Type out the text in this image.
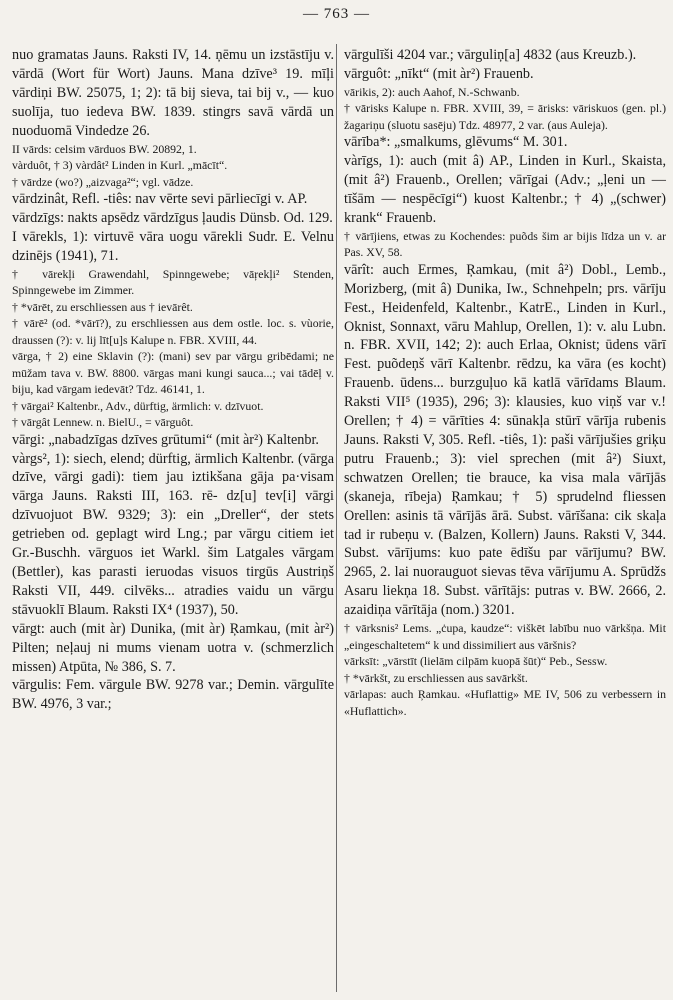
— 763 —

nuo gramatas Jauns. Raksti IV, 14. ņēmu un izstāstīju v. vārdā (Wort für Wort) Jauns. Mana dzīve³ 19. mīļi vārdiņi BW. 25075, 1; 2): tā bij sieva, tai bij v., — kuo suolīja, tuo iedeva BW. 1839. stingrs savā vārdā un nuoduomā Vindedze 26.

II vārds: celsim vārduos BW. 20892, 1.

vàrduôt, † 3) vàrdât² Linden in Kurl. „mācīt“.

† vārdze (wo?) „aizvaga²“; vgl. vādze.

vārdzinât, Refl. -tiês: nav vērte sevi pārliecīgi v. AP.

vārdzīgs: nakts apsēdz vārdzīgus ļaudis Dünsb. Od. 129.

I vārekls, 1): virtuvē vāra uogu vārekli Sudr. E. Velnu dzinējs (1941), 71.

† vārekļi Grawendahl, Spinngewebe; vāŗekļi² Stenden, Spinngewebe im Zimmer.

† *vārēt, zu erschliessen aus † ievārêt.

† vārē² (od. *vārī?), zu erschliessen aus dem ostle. loc. s. vùorie, draussen (?): v. lij līt[u]s Kalupe n. FBR. XVIII, 44.

vārga, † 2) eine Sklavin (?): (mani) sev par vārgu gribēdami; ne mūžam tava v. BW. 8800. vārgas mani kungi sauca...; vai tādēļ v. biju, kad vārgam iedevāt? Tdz. 46141, 1.

† vārgai² Kaltenbr., Adv., dürftig, ärmlich: v. dzīvuot.

† vārgât Lennew. n. BielU., = vārguôt.

vārgi: „nabadzīgas dzīves grūtumi“ (mit àr²) Kaltenbr.

vàrgs², 1): siech, elend; dürftig, ärmlich Kaltenbr. (vārga dzīve, vārgi gadi): tiem jau iztikšana gāja pa·visam vārga Jauns. Raksti III, 163. rē- dz[u] tev[i] vārgi dzīvuojuot BW. 9329; 3): ein „Dreller“, der stets getrieben od. geplagt wird Lng.; par vārgu citiem iet Gr.-Buschh. vārguos iet Warkl. šim Latgales vārgam (Bettler), kas parasti ieruodas visuos tirgūs Austriņš Raksti VII, 449. cilvēks... atradies vaidu un vārgu stāvuoklī Blaum. Raksti IX⁴ (1937), 50.

vārgt: auch (mit àr) Dunika, (mit àr) Ŗamkau, (mit àr²) Pilten; neļauj ni mums vienam uotra v. (schmerzlich missen) Atpūta, № 386, S. 7.

vārgulis: Fem. vārgule BW. 9278 var.; Demin. vārgulītе BW. 4976, 3 var.;

vārgulīši 4204 var.; vārguliņ[a] 4832 (aus Kreuzb.).

vārguôt: „nīkt“ (mit àr²) Frauenb.

vārikis, 2): auch Aahof, N.-Schwanb.

† vārisks Kalupe n. FBR. XVIII, 39, = ārisks: vāriskuos (gen. pl.) žagariņu (sluotu sasēju) Tdz. 48977, 2 var. (aus Auleja).

vārība*: „smalkums, glēvums“ M. 301.

vàrīgs, 1): auch (mit â) AP., Linden in Kurl., Skaista, (mit â²) Frauenb., Orellen; vārīgai (Adv.; „ļeni un — tīšām — nespēcīgi“) kuost Kaltenbr.; † 4) „(schwer) krank“ Frauenb.

† vārījiens, etwas zu Kochendes: puõds šim ar bijis līdza un v. ar Pas. XV, 58.

vārît: auch Ermes, Ŗamkau, (mit â²) Dobl., Lemb., Morizberg, (mit â) Dunika, Iw., Schnehpeln; prs. vārīju Fest., Heidenfeld, Kaltenbr., KatrE., Linden in Kurl., Oknist, Sonnaxt, vāru Mahlup, Orellen, 1): v. alu Lubn. n. FBR. XVII, 142; 2): auch Erlaa, Oknist; ūdens vārī Fest. puõdeņš vārī Kaltenbr. rēdzu, ka vāra (es kocht) Frauenb. ūdens... burzguļuo kā katlā vārīdams Blaum. Raksti VII⁵ (1935), 296; 3): klausies, kuo viņš var v.! Orellen; † 4) = vārīties 4: sūnakļa stūrī vārīja rubenis Jauns. Raksti V, 305. Refl. -tiês, 1): paši vārījušies griķu putru Frauenb.; 3): viel sprechen (mit â²) Siuxt, schwatzen Orellen; tie brauce, ka visa mala vārījās (skaneja, rībeja) Ŗamkau; † 5) sprudelnd fliessen Orellen: asinis tā vārījās ārā. Subst. vārīšana: cik skaļa tad ir rubeņu v. (Balzen, Kollern) Jauns. Raksti V, 344. Subst. vārījums: kuo pate ēdīšu par vārījumu? BW. 2965, 2. lai nuorauguot sievas tēva vārījumu A. Sprūdžs Asaru liekņa 18. Subst. vārītājs: putras v. BW. 2666, 2. azaidiņa vārītāja (nom.) 3201.

† vārksnis² Lems. „ċupa, kaudze“: viškēt labību nuo vārkšņa. Mit „eingeschaltetem“ k und dissimiliert aus vāršnis?

vārksīt: „vārstīt (lielām cilpām kuopā šūt)“ Peb., Sessw.

† *vārkšt, zu erschliessen aus savārkšt.

vārlapas: auch Ŗamkau. «Huflattig» ME IV, 506 zu verbessern in «Huflattich».
